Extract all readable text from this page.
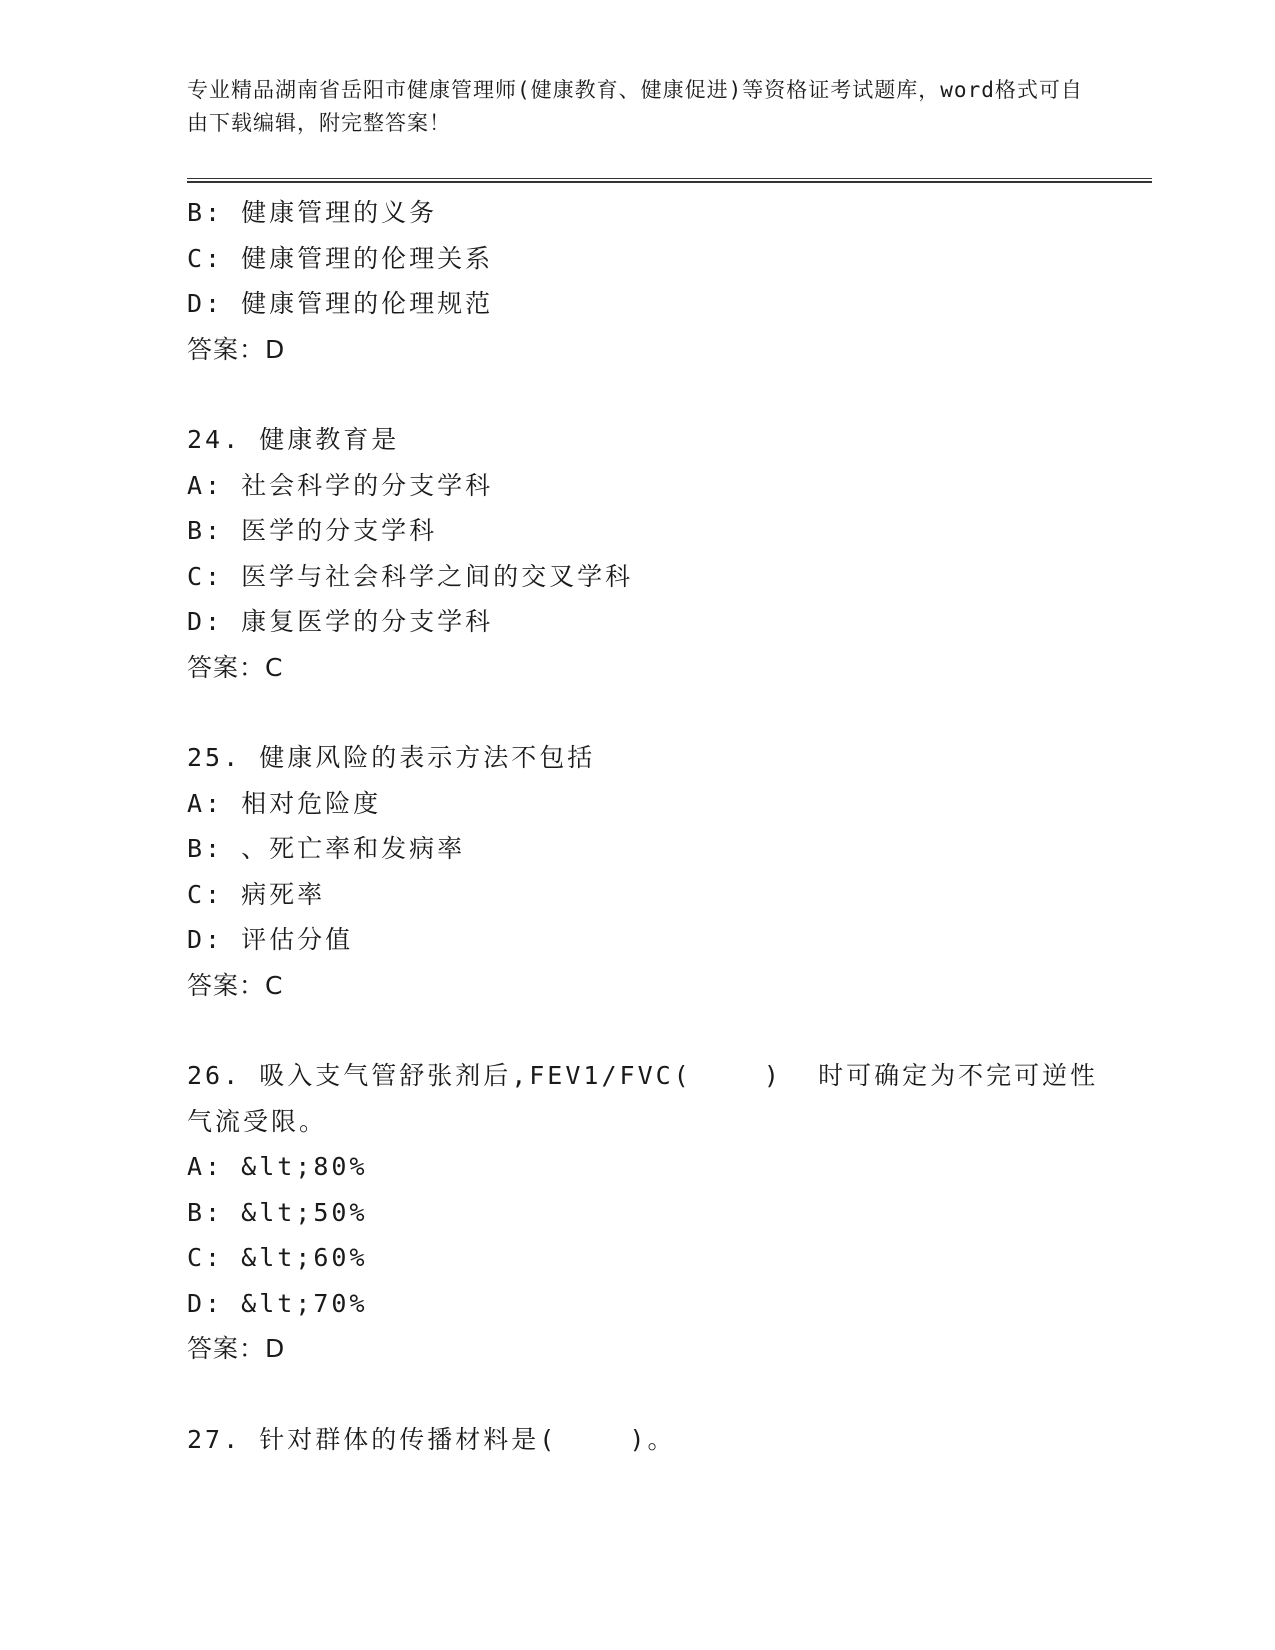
专业精品湖南省岳阳市健康管理师(健康教育、健康促进)等资格证考试题库，word格式可自由下载编辑，附完整答案！
B: 健康管理的义务
C: 健康管理的伦理关系
D: 健康管理的伦理规范
答案：D
24. 健康教育是
A: 社会科学的分支学科
B: 医学的分支学科
C: 医学与社会科学之间的交叉学科
D: 康复医学的分支学科
答案：C
25. 健康风险的表示方法不包括
A: 相对危险度
B: 、死亡率和发病率
C: 病死率
D: 评估分值
答案：C
26. 吸入支气管舒张剂后,FEV1/FVC(    )  时可确定为不完可逆性
气流受限。
A: &lt;80%
B: &lt;50%
C: &lt;60%
D: &lt;70%
答案：D
27. 针对群体的传播材料是(    )。
